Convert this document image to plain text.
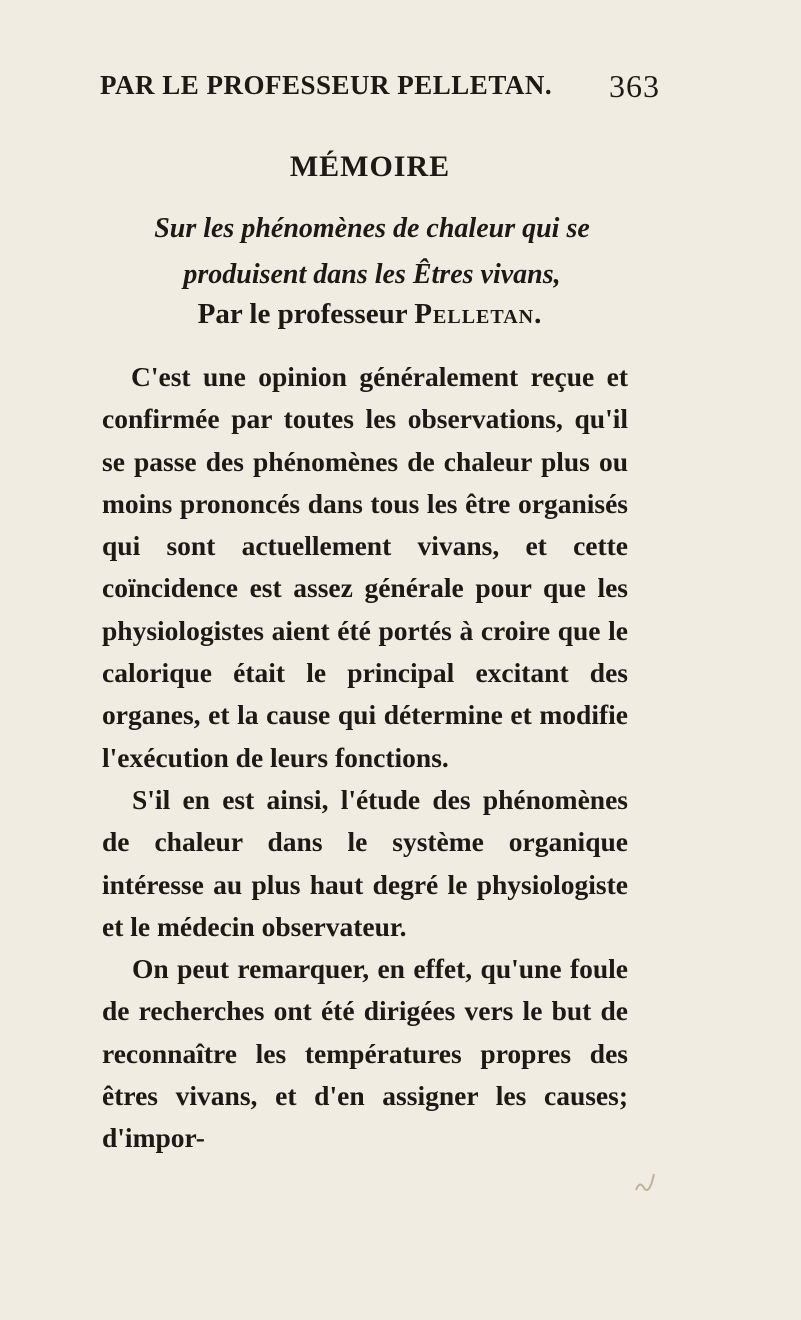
PAR LE PROFESSEUR PELLETAN. 363
MÉMOIRE
Sur les phénomènes de chaleur qui se produisent dans les Êtres vivans,
Par le professeur Pelletan.

C'est une opinion généralement reçue et confirmée par toutes les observations, qu'il se passe des phénomènes de chaleur plus ou moins prononcés dans tous les être organisés qui sont actuellement vivans, et cette coïncidence est assez générale pour que les physiologistes aient été portés à croire que le calorique était le principal excitant des organes, et la cause qui détermine et modifie l'exécution de leurs fonctions.

S'il en est ainsi, l'étude des phénomènes de chaleur dans le système organique intéresse au plus haut degré le physiologiste et le médecin observateur.

On peut remarquer, en effet, qu'une foule de recherches ont été dirigées vers le but de reconnaître les températures propres des êtres vivans, et d'en assigner les causes; d'impor-
